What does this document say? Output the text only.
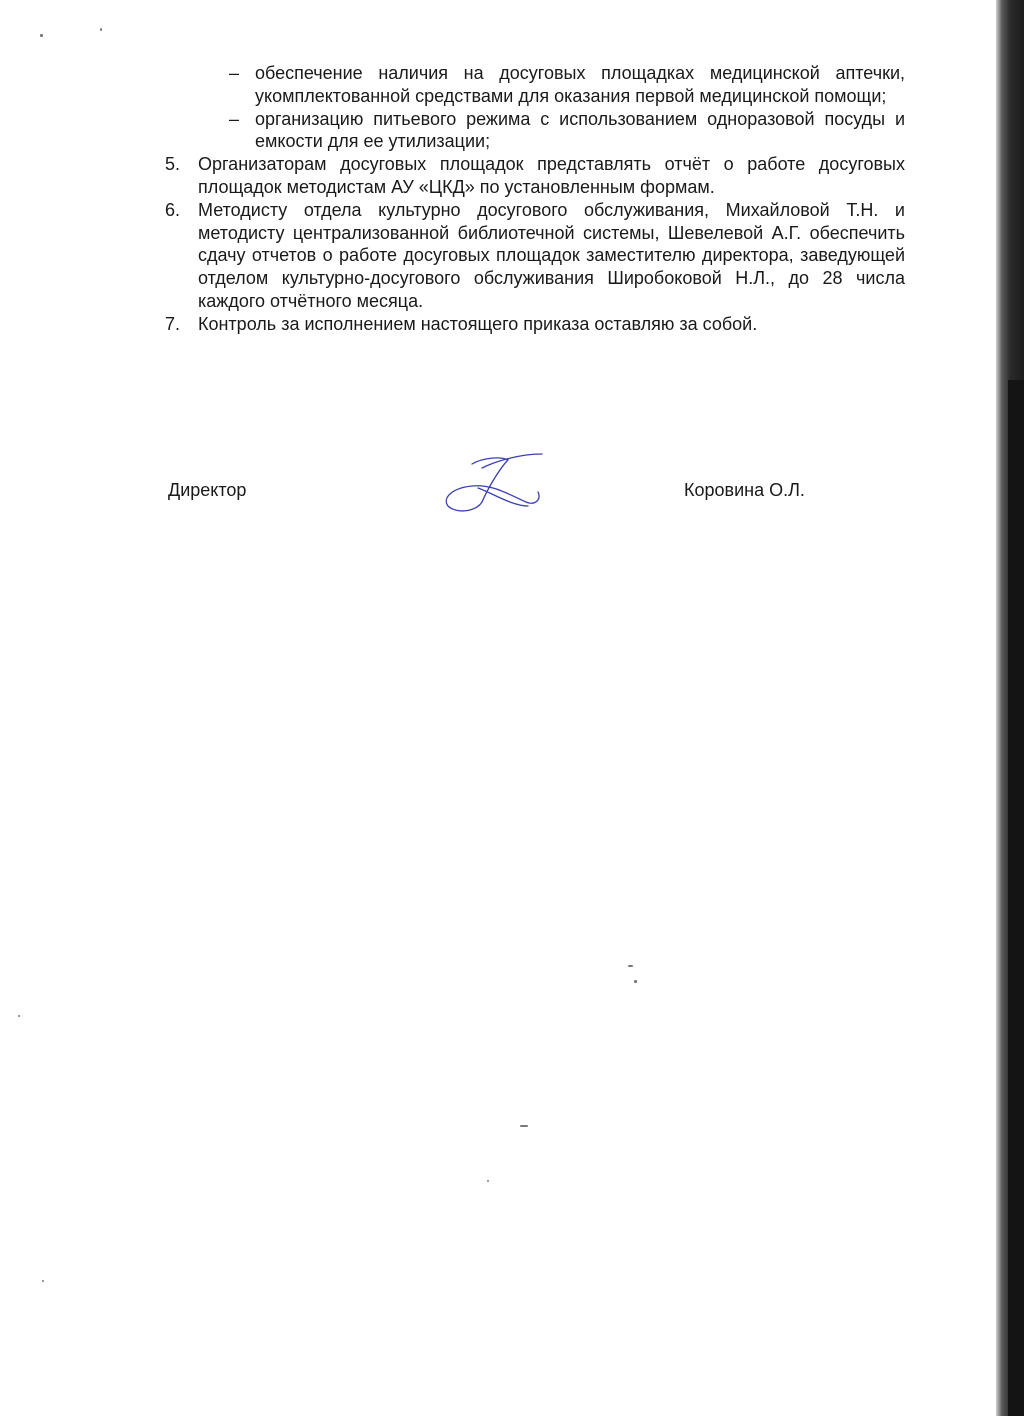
– обеспечение наличия на досуговых площадках медицинской аптечки, укомплектованной средствами для оказания первой медицинской помощи;
– организацию питьевого режима с использованием одноразовой посуды и емкости для ее утилизации;
5. Организаторам досуговых площадок представлять отчёт о работе досуговых площадок методистам АУ «ЦКД» по установленным формам.
6. Методисту отдела культурно досугового обслуживания, Михайловой Т.Н. и методисту централизованной библиотечной системы, Шевелевой А.Г. обеспечить сдачу отчетов о работе досуговых площадок заместителю директора, заведующей отделом культурно-досугового обслуживания Широбоковой Н.Л., до 28 числа каждого отчётного месяца.
7. Контроль за исполнением настоящего приказа оставляю за собой.
Директор	Коровина О.Л.
